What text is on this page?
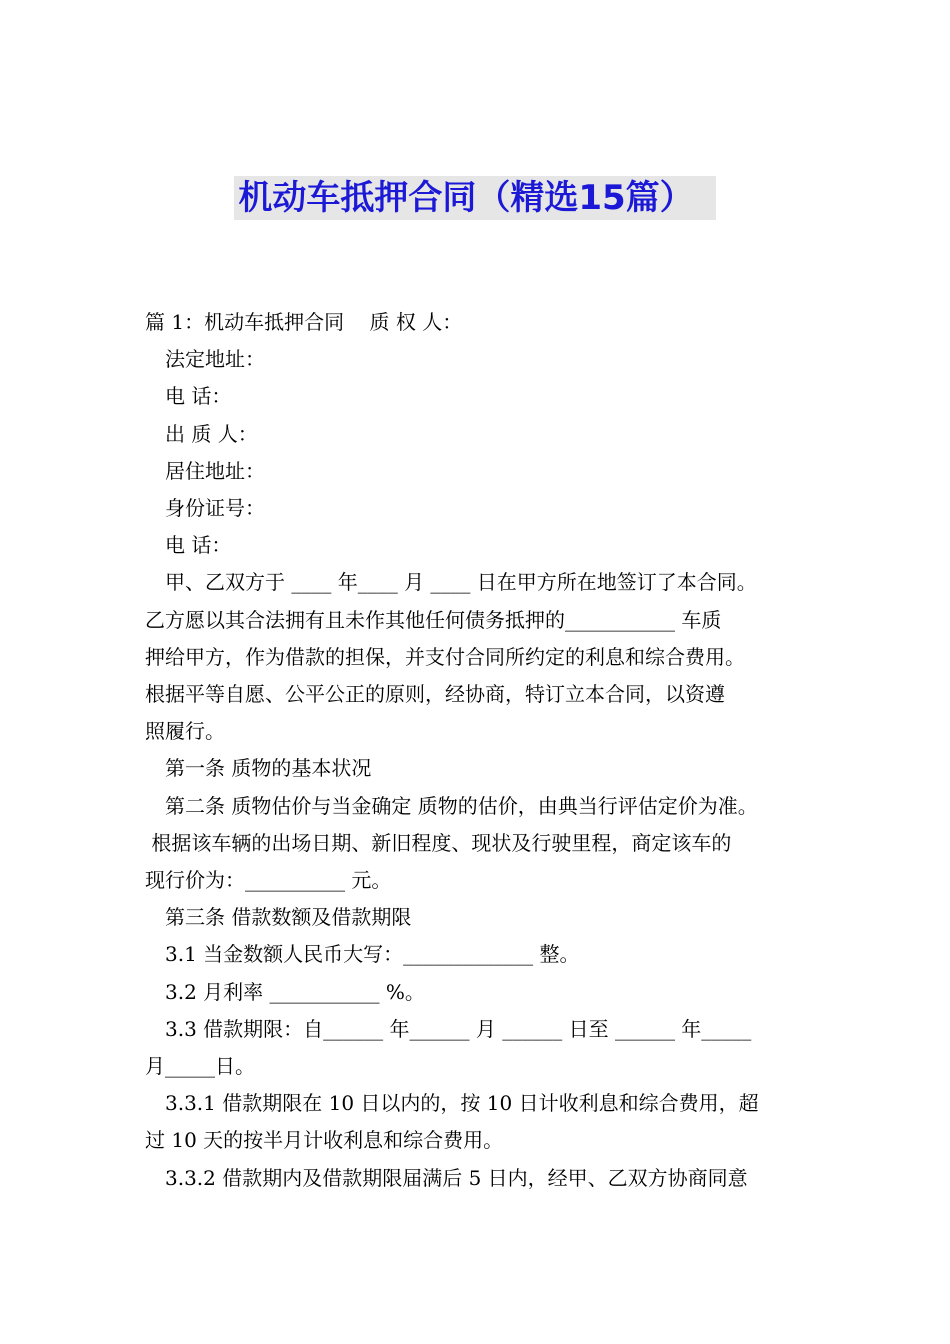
机动车抵押合同（精选15篇）

篇 1：机动车抵押合同    质 权 人：

法定地址：

电 话：

出 质 人：

居住地址：

身份证号：

电 话：

甲、乙双方于 ____ 年____ 月 ____ 日在甲方所在地签订了本合同。

乙方愿以其合法拥有且未作其他任何债务抵押的___________ 车质

押给甲方，作为借款的担保，并支付合同所约定的利息和综合费用。

根据平等自愿、公平公正的原则，经协商，特订立本合同，以资遵

照履行。

第一条 质物的基本状况

第二条 质物估价与当金确定 质物的估价，由典当行评估定价为准。

根据该车辆的出场日期、新旧程度、现状及行驶里程，商定该车的

现行价为：__________ 元。

第三条 借款数额及借款期限

3.1 当金数额人民币大写：_____________ 整。

3.2 月利率 ___________ %。

3.3 借款期限：自______ 年______ 月 ______ 日至 ______ 年_____

月_____日。

3.3.1 借款期限在 10 日以内的，按 10 日计收利息和综合费用，超

过 10 天的按半月计收利息和综合费用。

3.3.2 借款期内及借款期限届满后 5 日内，经甲、乙双方协商同意
